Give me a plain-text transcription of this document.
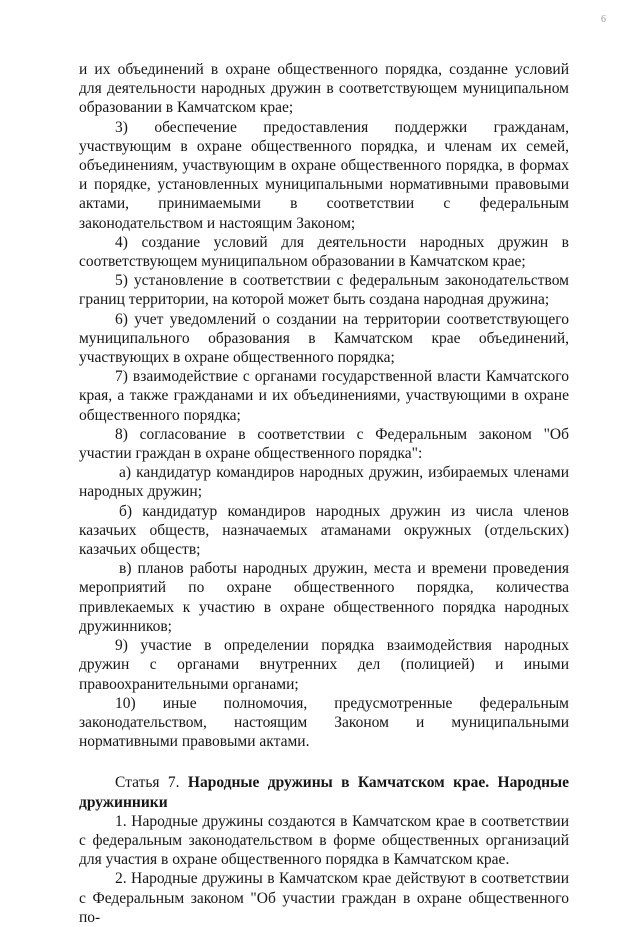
6

и их объединений в охране общественного порядка, созданне условий для деятельности народных дружин в соответствующем муниципальном образовании в Камчатском крае;

3) обеспечение предоставления поддержки гражданам, участвующим в охране общественного порядка, и членам их семей, объединениям, участвующим в охране общественного порядка, в формах и порядке, установленных муниципальными нормативными правовыми актами, принимаемыми в соответствии с федеральным законодательством и настоящим Законом;

4) создание условий для деятельности народных дружин в соответствующем муниципальном образовании в Камчатском крае;

5) установление в соответствии с федеральным законодательством границ территории, на которой может быть создана народная дружина;

6) учет уведомлений о создании на территории соответствующего муниципального образования в Камчатском крае объединений, участвующих в охране общественного порядка;

7) взаимодействие с органами государственной власти Камчатского края, а также гражданами и их объединениями, участвующими в охране общественного порядка;

8) согласование в соответствии с Федеральным законом "Об участии граждан в охране общественного порядка":

а) кандидатур командиров народных дружин, избираемых членами народных дружин;

б) кандидатур командиров народных дружин из числа членов казачьих обществ, назначаемых атаманами окружных (отдельских) казачьих обществ;

в) планов работы народных дружин, места и времени проведения мероприятий по охране общественного порядка, количества привлекаемых к участию в охране общественного порядка народных дружинников;

9) участие в определении порядка взаимодействия народных дружин с органами внутренних дел (полицией) и иными правоохранительными органами;

10) иные полномочия, предусмотренные федеральным законодательством, настоящим Законом и муниципальными нормативными правовыми актами.

Статья 7. Народные дружины в Камчатском крае. Народные дружинники

1. Народные дружины создаются в Камчатском крае в соответствии с федеральным законодательством в форме общественных организаций для участия в охране общественного порядка в Камчатском крае.

2. Народные дружины в Камчатском крае действуют в соответствии с Федеральным законом "Об участии граждан в охране общественного по-
